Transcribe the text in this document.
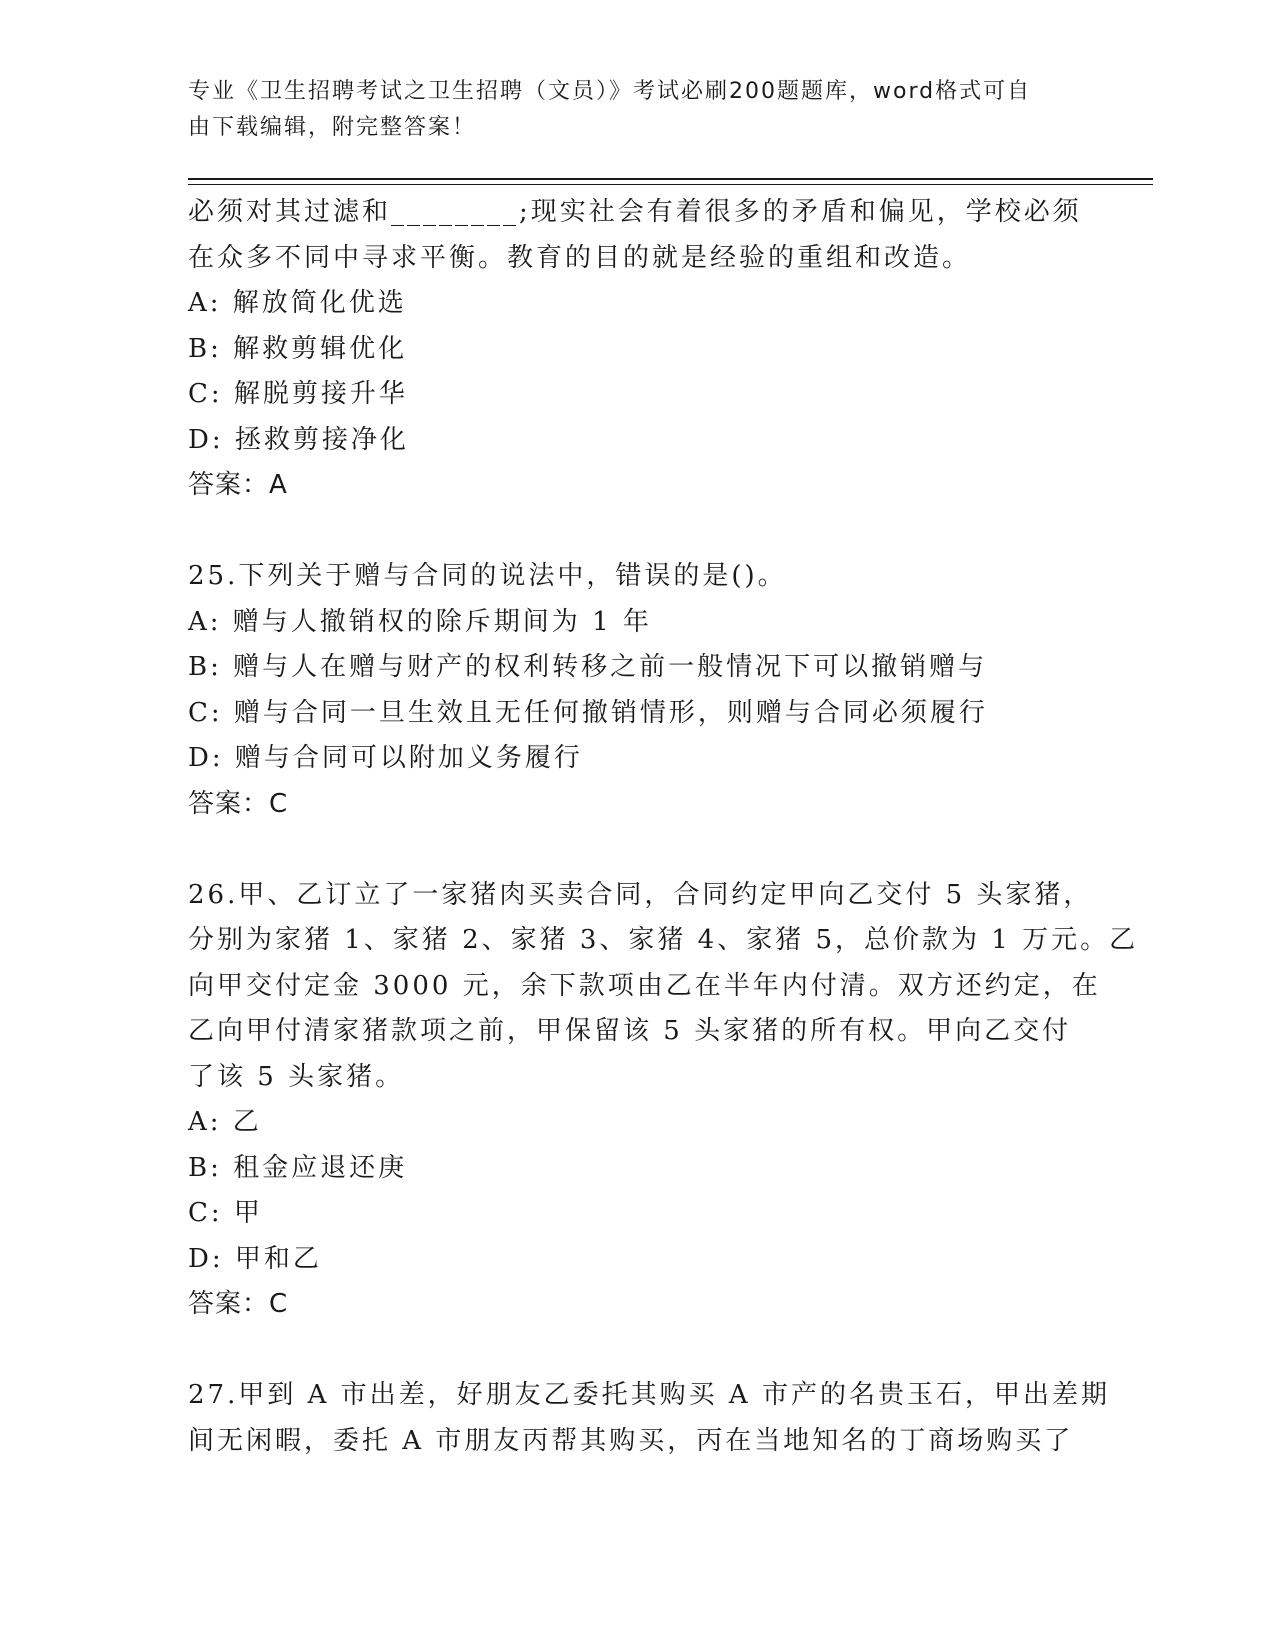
专业《卫生招聘考试之卫生招聘（文员）》考试必刷200题题库，word格式可自
由下载编辑，附完整答案！
必须对其过滤和________;现实社会有着很多的矛盾和偏见，学校必须
在众多不同中寻求平衡。教育的目的就是经验的重组和改造。
A: 解放简化优选
B: 解救剪辑优化
C: 解脱剪接升华
D: 拯救剪接净化
答案：A
25.下列关于赠与合同的说法中，错误的是()。
A: 赠与人撤销权的除斥期间为 1 年
B: 赠与人在赠与财产的权利转移之前一般情况下可以撤销赠与
C: 赠与合同一旦生效且无任何撤销情形，则赠与合同必须履行
D: 赠与合同可以附加义务履行
答案：C
26.甲、乙订立了一家猪肉买卖合同，合同约定甲向乙交付 5 头家猪，
分别为家猪 1、家猪 2、家猪 3、家猪 4、家猪 5，总价款为 1 万元。乙
向甲交付定金 3000 元，余下款项由乙在半年内付清。双方还约定，在
乙向甲付清家猪款项之前，甲保留该 5 头家猪的所有权。甲向乙交付
了该 5 头家猪。
A: 乙
B: 租金应退还庚
C: 甲
D: 甲和乙
答案：C
27.甲到 A 市出差，好朋友乙委托其购买 A 市产的名贵玉石，甲出差期
间无闲暇，委托 A 市朋友丙帮其购买，丙在当地知名的丁商场购买了
